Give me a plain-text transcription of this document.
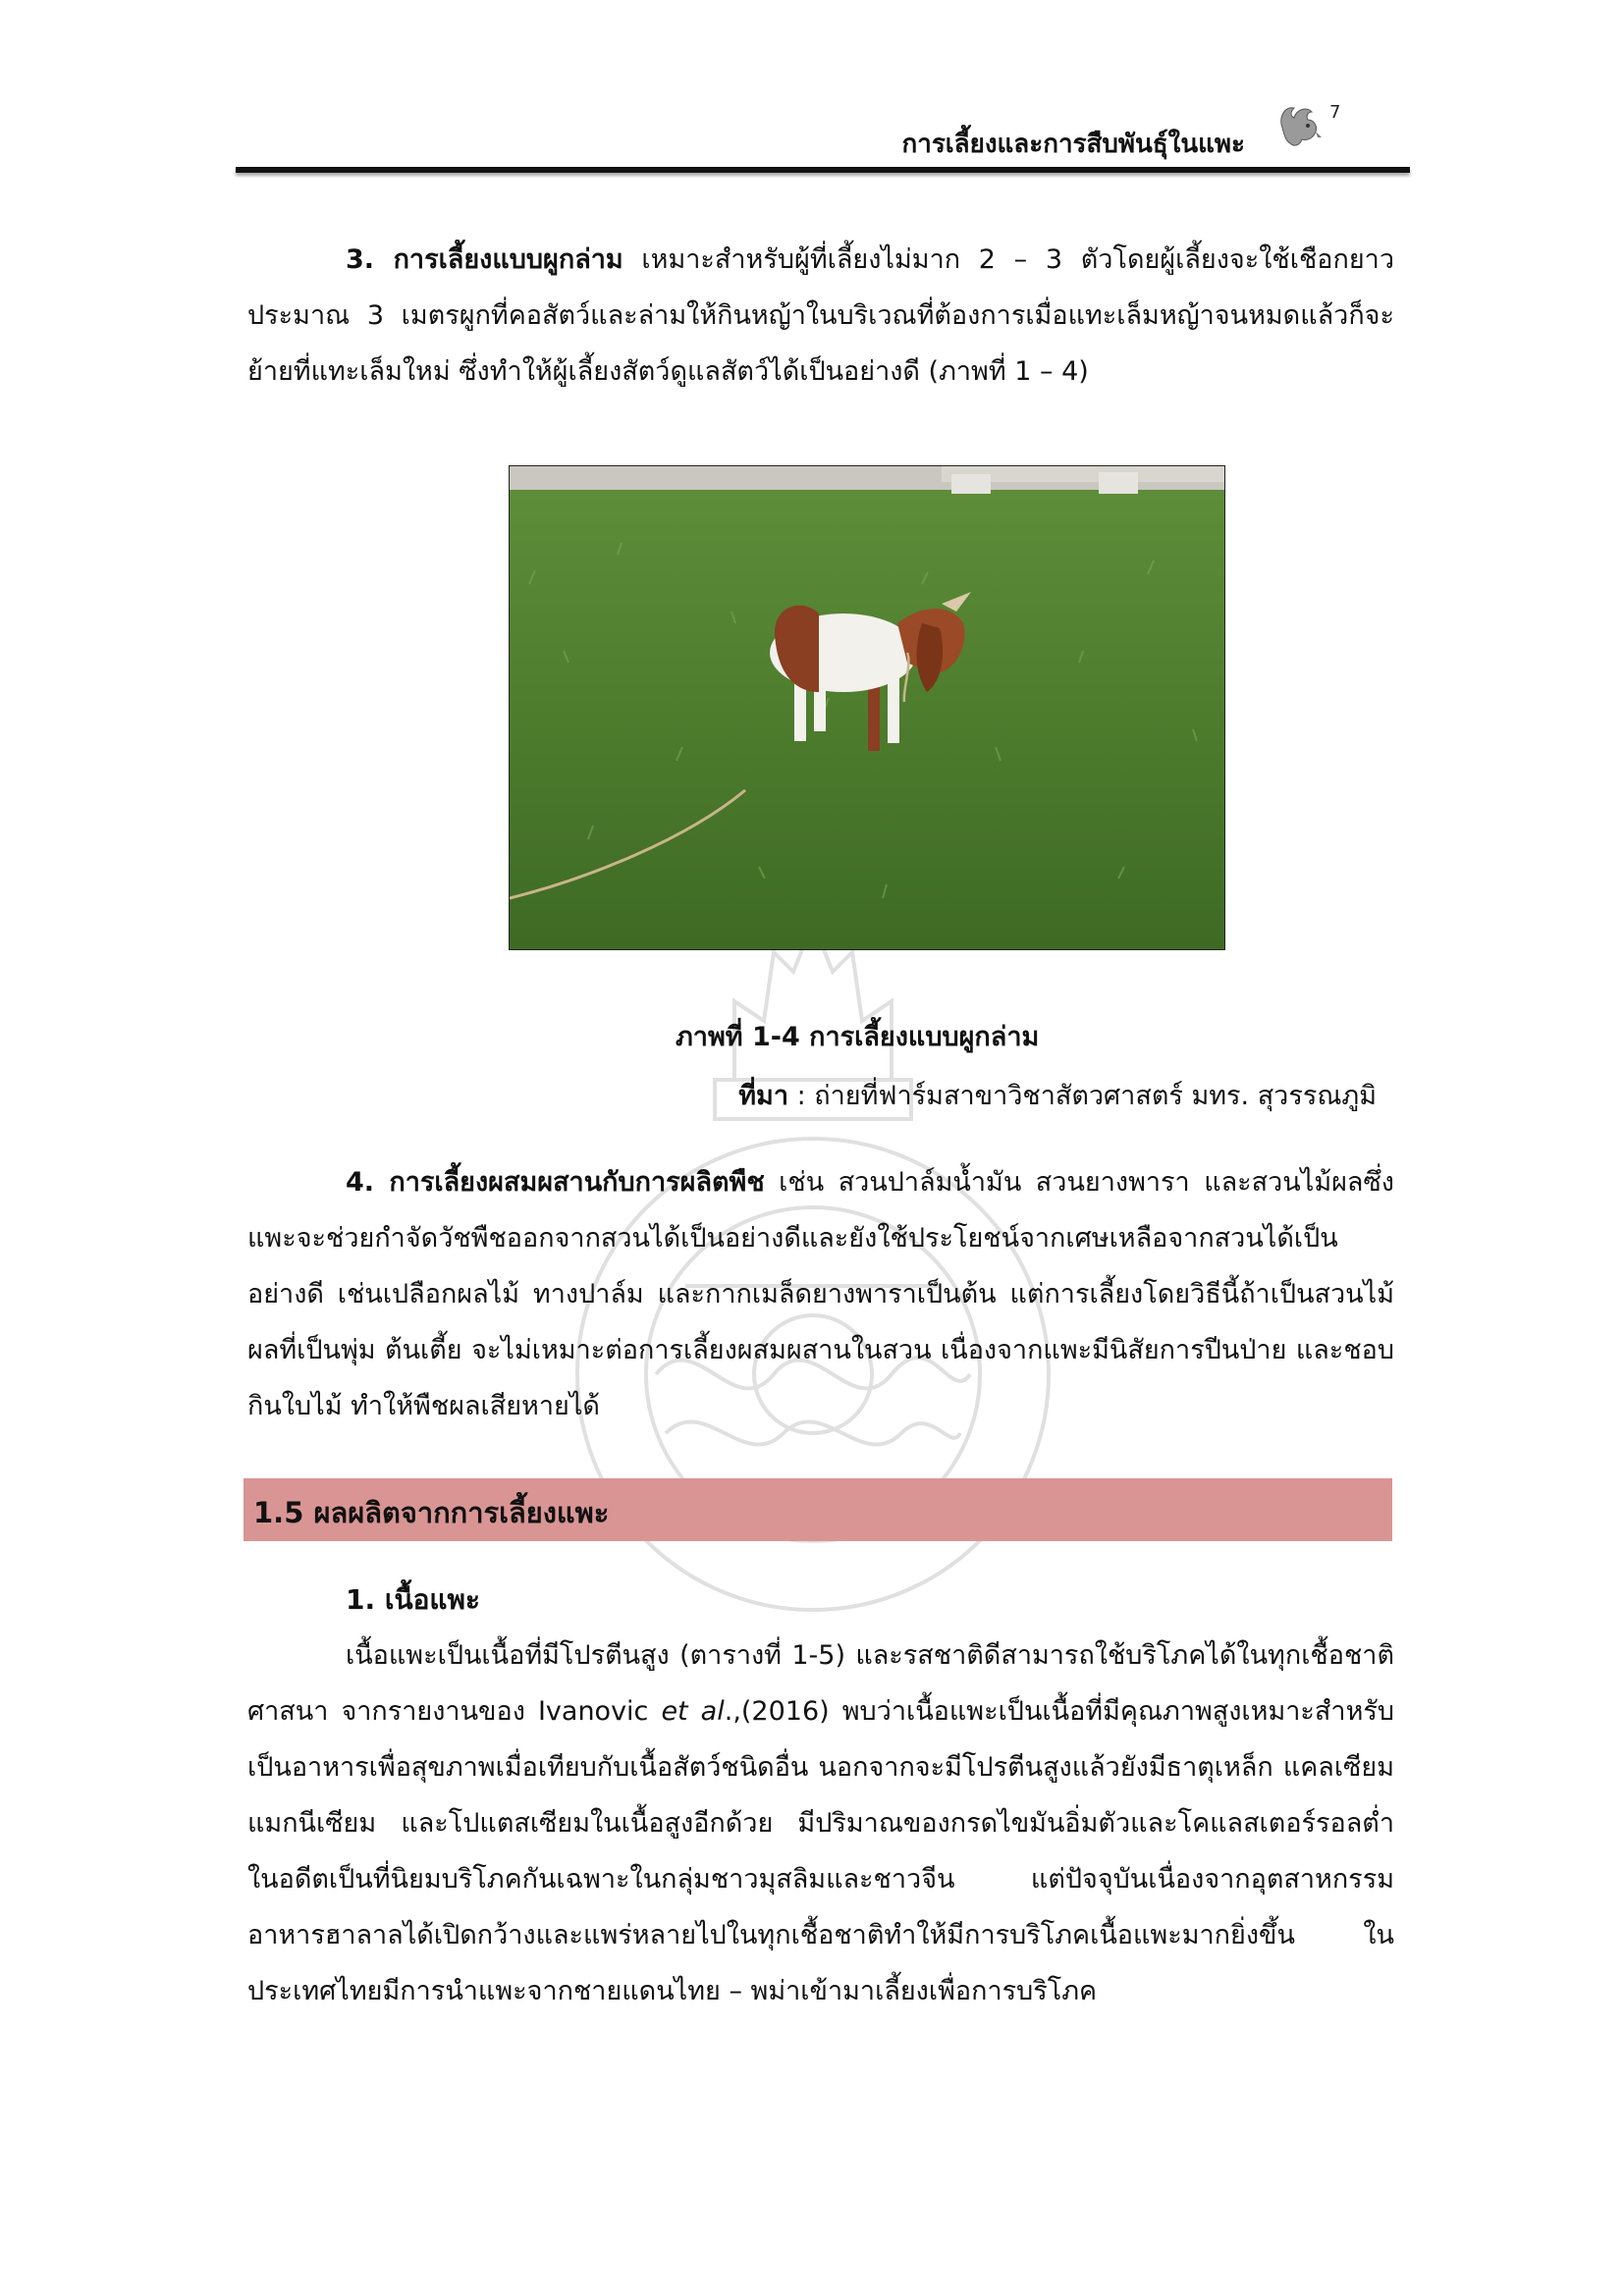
การเลี้ยงและการสืบพันธุ์ในแพะ
7

3. การเลี้ยงแบบผูกล่าม เหมาะสำหรับผู้ที่เลี้ยงไม่มาก 2 – 3 ตัวโดยผู้เลี้ยงจะใช้เชือกยาวประมาณ 3 เมตรผูกที่คอสัตว์และล่ามให้กินหญ้าในบริเวณที่ต้องการเมื่อแทะเล็มหญ้าจนหมดแล้วก็จะย้ายที่แทะเล็มใหม่ ซึ่งทำให้ผู้เลี้ยงสัตว์ดูแลสัตว์ได้เป็นอย่างดี (ภาพที่ 1 – 4)

ภาพที่ 1-4 การเลี้ยงแบบผูกล่าม
ที่มา : ถ่ายที่ฟาร์มสาขาวิชาสัตวศาสตร์ มทร. สุวรรณภูมิ

4. การเลี้ยงผสมผสานกับการผลิตพืช เช่น สวนปาล์มน้ำมัน สวนยางพารา และสวนไม้ผลซึ่งแพะจะช่วยกำจัดวัชพืชออกจากสวนได้เป็นอย่างดีและยังใช้ประโยชน์จากเศษเหลือจากสวนได้เป็นอย่างดี เช่นเปลือกผลไม้ ทางปาล์ม และกากเมล็ดยางพาราเป็นต้น แต่การเลี้ยงโดยวิธีนี้ถ้าเป็นสวนไม้ผลที่เป็นพุ่ม ต้นเตี้ย จะไม่เหมาะต่อการเลี้ยงผสมผสานในสวน เนื่องจากแพะมีนิสัยการปีนป่าย และชอบกินใบไม้ ทำให้พืชผลเสียหายได้

1.5 ผลผลิตจากการเลี้ยงแพะ
1. เนื้อแพะ

เนื้อแพะเป็นเนื้อที่มีโปรตีนสูง (ตารางที่ 1-5) และรสชาติดีสามารถใช้บริโภคได้ในทุกเชื้อชาติศาสนา จากรายงานของ Ivanovic et al.,(2016) พบว่าเนื้อแพะเป็นเนื้อที่มีคุณภาพสูงเหมาะสำหรับเป็นอาหารเพื่อสุขภาพเมื่อเทียบกับเนื้อสัตว์ชนิดอื่น นอกจากจะมีโปรตีนสูงแล้วยังมีธาตุเหล็ก แคลเซียม แมกนีเซียม และโปแตสเซียมในเนื้อสูงอีกด้วย มีปริมาณของกรดไขมันอิ่มตัวและโคแลสเตอร์รอลต่ำ ในอดีตเป็นที่นิยมบริโภคกันเฉพาะในกลุ่มชาวมุสลิมและชาวจีน แต่ปัจจุบันเนื่องจากอุตสาหกรรมอาหารฮาลาลได้เปิดกว้างและแพร่หลายไปในทุกเชื้อชาติทำให้มีการบริโภคเนื้อแพะมากยิ่งขึ้น ในประเทศไทยมีการนำแพะจากชายแดนไทย – พม่าเข้ามาเลี้ยงเพื่อการบริโภค
